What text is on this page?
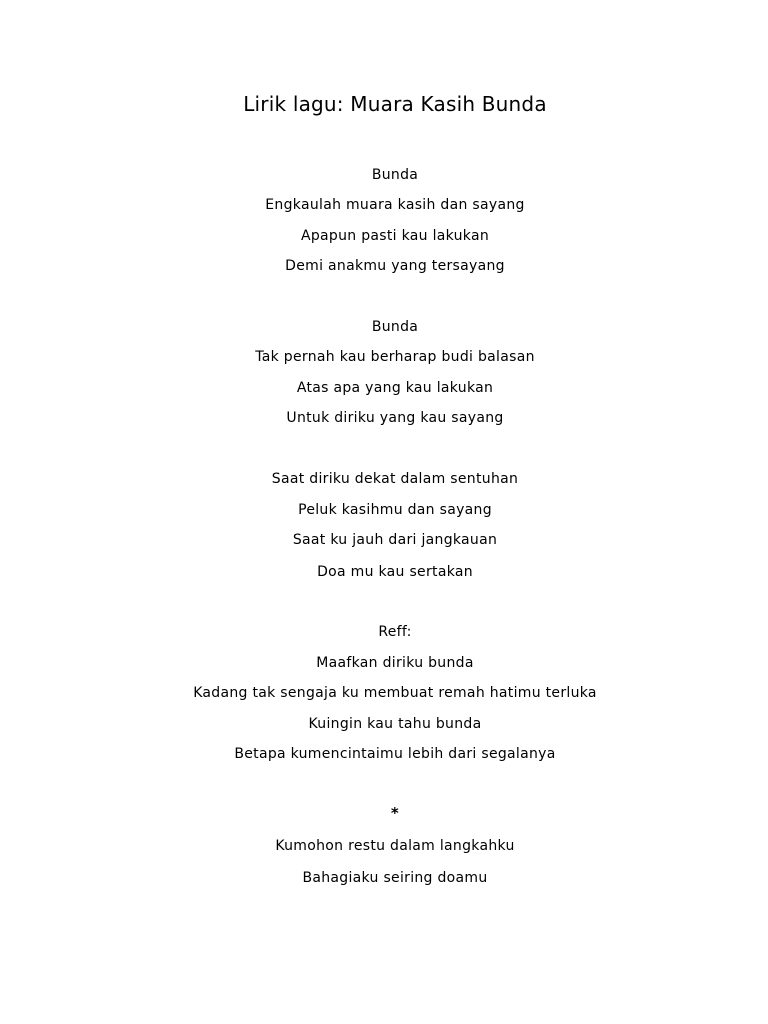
Lirik lagu: Muara Kasih Bunda
Bunda
Engkaulah muara kasih dan sayang
Apapun pasti kau lakukan
Demi anakmu yang tersayang
Bunda
Tak pernah kau berharap budi balasan
Atas apa yang kau lakukan
Untuk diriku yang kau sayang
Saat diriku dekat dalam sentuhan
Peluk kasihmu dan sayang
Saat ku jauh dari jangkauan
Doa mu kau sertakan
Reff:
Maafkan diriku bunda
Kadang tak sengaja ku membuat remah hatimu terluka
Kuingin kau tahu bunda
Betapa kumencintaimu lebih dari segalanya
*
Kumohon restu dalam langkahku
Bahagiaku seiring doamu
